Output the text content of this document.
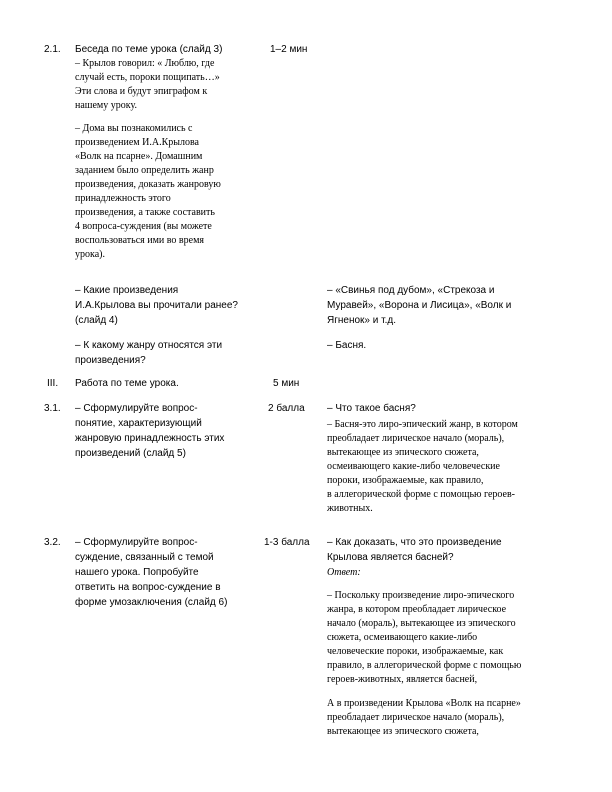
2.1. Беседа по теме урока (слайд 3)	1–2 мин
– Крылов говорил: « Люблю, где
случай есть, пороки пощипать…»
Эти слова и будут эпиграфом к
нашему уроку.
– Дома вы познакомились с
произведением И.А.Крылова
«Волк на псарне». Домашним
заданием было определить жанр
произведения, доказать жанровую
принадлежность этого
произведения, а также составить
4 вопроса-суждения (вы можете
воспользоваться ими во время
урока).
– Какие произведения
И.А.Крылова вы прочитали ранее?
(слайд 4)
– «Свинья под дубом», «Стрекоза и
Муравей», «Ворона и Лисица», «Волк и
Ягненок» и т.д.
– К какому жанру относятся эти
произведения?
– Басня.
III. Работа по теме урока.	5 мин
3.1. – Сформулируйте вопрос-
понятие, характеризующий
жанровую принадлежность этих
произведений (слайд 5)
2 балла – Что такое басня?
– Басня-это лиро-эпический жанр, в котором
преобладает лирическое начало (мораль),
вытекающее из эпического сюжета,
осмеивающего какие-либо человеческие
пороки, изображаемые, как правило,
в аллегорической форме с помощью героев-
животных.
3.2. – Сформулируйте вопрос-
суждение, связанный с темой
нашего урока. Попробуйте
ответить на вопрос-суждение в
форме умозаключения (слайд 6)
1-3 балла – Как доказать, что это произведение
Крылова является басней?
Ответ:
– Поскольку произведение лиро-эпического
жанра, в котором преобладает лирическое
начало (мораль), вытекающее из эпического
сюжета, осмеивающего какие-либо
человеческие пороки, изображаемые, как
правило, в аллегорической форме с помощью
героев-животных, является басней,
А в произведении Крылова «Волк на псарне»
преобладает лирическое начало (мораль),
вытекающее из эпического сюжета,
